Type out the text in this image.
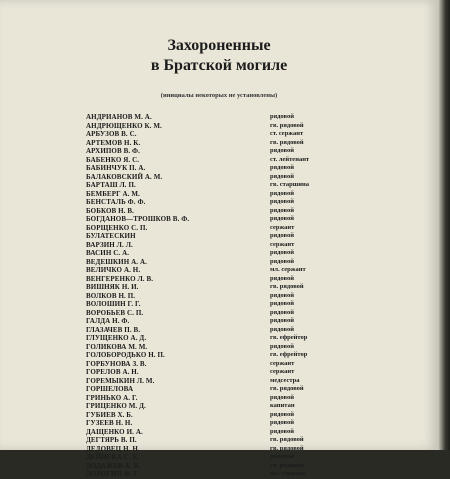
Захороненные
в Братской могиле
(инициалы некоторых не установлены)
АНДРИАНОВ М. А.	рядовой
АНДРЮЩЕНКО К. М.	гв. рядовой
АРБУЗОВ В. С.	ст. сержант
АРТЕМОВ Н. К.	гв. рядовой
АРХИПОВ В. Ф.	рядовой
БАБЕНКО Я. С.	ст. лейтенант
БАБИНЧУК П. А.	рядовой
БАЛАКОВСКИЙ А. М.	рядовой
БАРТАШ Л. П.	гв. старшина
БЕМБЕРГ А. М.	рядовой
БЕНСТАЛЬ Ф. Ф.	рядовой
БОБКОВ Н. В.	рядовой
БОГДАНОВ—ТРОШКОВ В. Ф.	рядовой
БОРЩЕНКО С. П.	сержант
БУЛАТЕСКИН	рядовой
ВАРЗИН Л. Л.	сержант
ВАСИН С. А.	рядовой
ВЕДЕШКИН А. А.	рядовой
ВЕЛИЧКО А. Н.	мл. сержант
ВЕНГЕРЕНКО Л. В.	рядовой
ВИШНЯК Н. И.	гв. рядовой
ВОЛКОВ Н. П.	рядовой
ВОЛОШИН Г. Г.	рядовой
ВОРОБЬЕВ С. П.	рядовой
ГАЛДА Н. Ф.	рядовой
ГЛАЗАЧЕВ П. В.	рядовой
ГЛУЩЕНКО А. Д.	гв. ефрейтор
ГОЛИКОВА М. М.	рядовой
ГОЛОБОРОДЬКО Н. П.	гв. ефрейтор
ГОРБУНОВА З. В.	сержант
ГОРЕЛОВ А. Н.	сержант
ГОРЕМЫКИН Л. М.	медсестра
ГОРШЕЛОВА	гв. рядовой
ГРИНЬКО А. Г.	рядовой
ГРИЦЕНКО М. Д.	капитан
ГУБИЕВ Х. Б.	рядовой
ГУЗЕЕВ Н. Н.	рядовой
ДАЩЕНКО И. А.	рядовой
ДЕГТЯРЬ В. П.	гв. рядовой
ДЕДОВЕЦ Н. Н.	гв. рядовой
ДЕЙНЕКА С. Е.	рядовой
ДОДАЖЕВ А. В.	гв. рядовой
ДОРОГИН Ф. Г.	мл. сержант
